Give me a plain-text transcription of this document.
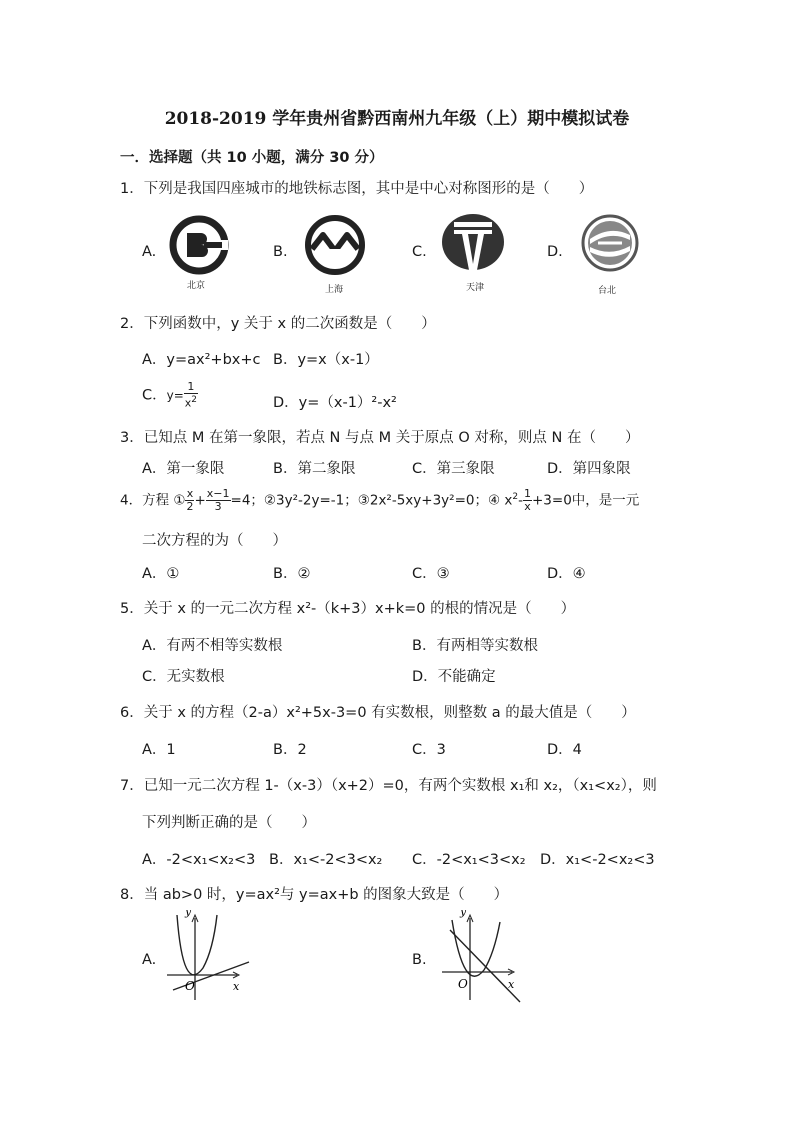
2018-2019 学年贵州省黔西南州九年级（上）期中模拟试卷
一．选择题（共 10 小题，满分 30 分）
1．下列是我国四座城市的地铁标志图，其中是中心对称图形的是（　　）
A.	B.	C.	D.
北京	上海	天津	台北
2．下列函数中，y 关于 x 的二次函数是（　　）
A．y=ax²+bx+c B．y=x（x-1）
C．$y= \frac{1}{x^2}$	D．y=（x-1）²-x²
3．已知点 M 在第一象限，若点 N 与点 M 关于原点 O 对称，则点 N 在（　　）
A．第一象限	B．第二象限	C．第三象限	D．第四象限
4．方程 ① $\frac{x}{2} + \frac{x-1}{3} =4$；②3y²-2y=-1；③2x²-5xy+3y²=0；④ $x^2- \frac{1}{x} +3=0$中，是一元
二次方程的为（　　）
A．①	B．②	C．③	D．④
5．关于 x 的一元二次方程 x²-（k+3）x+k=0 的根的情况是（　　）
A．有两不相等实数根	B．有两相等实数根
C．无实数根	D．不能确定
6．关于 x 的方程（2-a）x²+5x-3=0 有实数根，则整数 a 的最大值是（　　）
A．1	B．2	C．3	D．4
7．已知一元二次方程 1-（x-3）（x+2）=0，有两个实数根 x₁和 x₂，（x₁<x₂），则
下列判断正确的是（　　）
A．-2<x₁<x₂<3 B．x₁<-2<3<x₂ C．-2<x₁<3<x₂ D．x₁<-2<x₂<3
8．当 ab>0 时，y=ax²与 y=ax+b 的图象大致是（　　）
A.	B.
y
x
O
y
x
O
